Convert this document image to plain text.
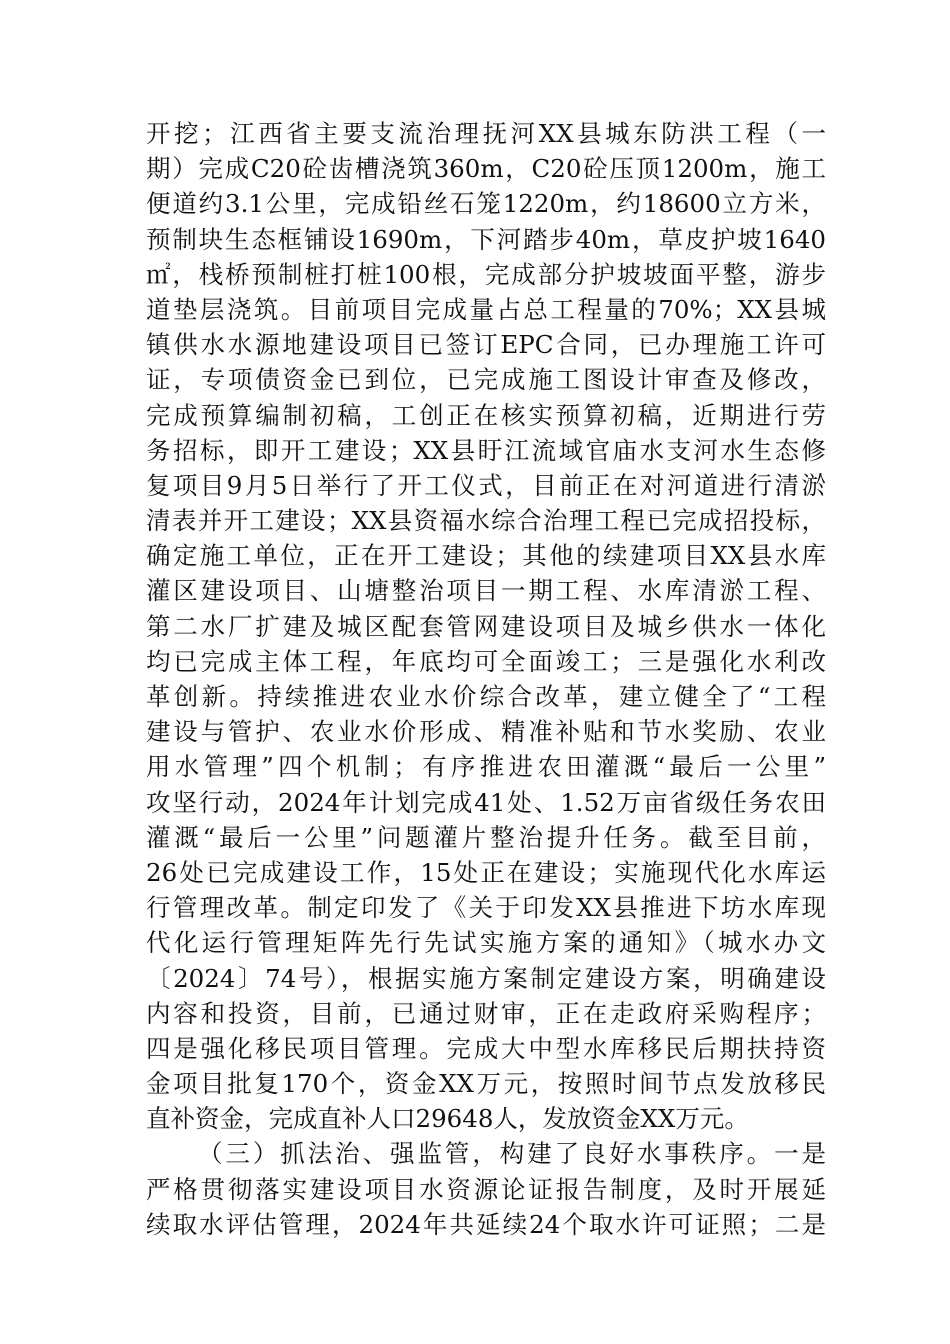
开挖；江西省主要支流治理抚河XX县城东防洪工程（一
期）完成C20砼齿槽浇筑360m，C20砼压顶1200m，施工
便道约3.1公里，完成铅丝石笼1220m，约18600立方米，
预制块生态框铺设1690m，下河踏步40m，草皮护坡1640
㎡，栈桥预制桩打桩100根，完成部分护坡坡面平整，游步
道垫层浇筑。目前项目完成量占总工程量的70%；XX县城
镇供水水源地建设项目已签订EPC合同，已办理施工许可
证，专项债资金已到位，已完成施工图设计审查及修改，
完成预算编制初稿，工创正在核实预算初稿，近期进行劳
务招标，即开工建设；XX县盱江流域官庙水支河水生态修
复项目9月5日举行了开工仪式，目前正在对河道进行清淤
清表并开工建设；XX县资福水综合治理工程已完成招投标，
确定施工单位，正在开工建设；其他的续建项目XX县水库
灌区建设项目、山塘整治项目一期工程、水库清淤工程、
第二水厂扩建及城区配套管网建设项目及城乡供水一体化
均已完成主体工程，年底均可全面竣工；三是强化水利改
革创新。持续推进农业水价综合改革，建立健全了“工程
建设与管护、农业水价形成、精准补贴和节水奖励、农业
用水管理”四个机制；有序推进农田灌溉“最后一公里”
攻坚行动，2024年计划完成41处、1.52万亩省级任务农田
灌溉“最后一公里”问题灌片整治提升任务。截至目前，
26处已完成建设工作，15处正在建设；实施现代化水库运
行管理改革。制定印发了《关于印发XX县推进下坊水库现
代化运行管理矩阵先行先试实施方案的通知》（城水办文
〔2024〕74号），根据实施方案制定建设方案，明确建设
内容和投资，目前，已通过财审，正在走政府采购程序；
四是强化移民项目管理。完成大中型水库移民后期扶持资
金项目批复170个，资金XX万元，按照时间节点发放移民
直补资金，完成直补人口29648人，发放资金XX万元。
（三）抓法治、强监管，构建了良好水事秩序。一是
严格贯彻落实建设项目水资源论证报告制度，及时开展延
续取水评估管理，2024年共延续24个取水许可证照；二是
